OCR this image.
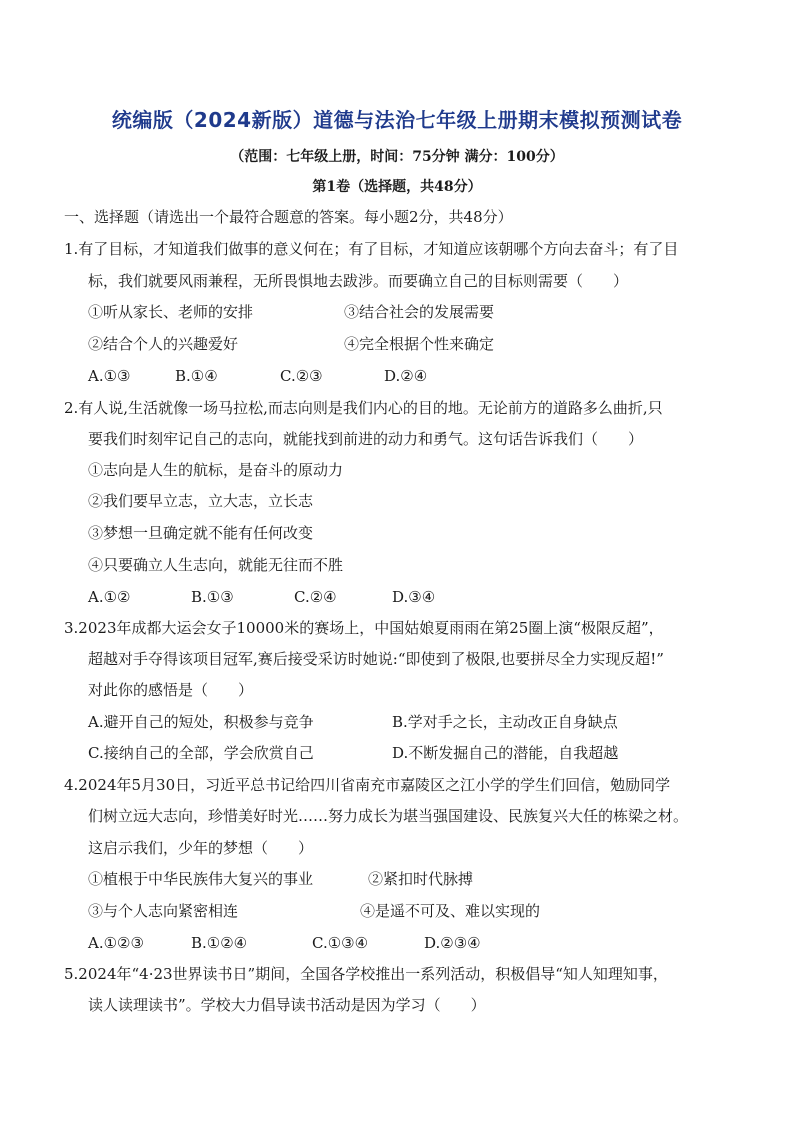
统编版（2024新版）道德与法治七年级上册期末模拟预测试卷
（范围：七年级上册，时间：75分钟 满分：100分）
第1卷（选择题，共48分）
一、选择题（请选出一个最符合题意的答案。每小题2分，共48分）
1.有了目标，才知道我们做事的意义何在；有了目标，才知道应该朝哪个方向去奋斗；有了目
标，我们就要风雨兼程，无所畏惧地去跋涉。而要确立自己的目标则需要（　　）
①听从家长、老师的安排	③结合社会的发展需要
②结合个人的兴趣爱好	④完全根据个性来确定
A.①③	B.①④	C.②③	D.②④
2.有人说,生活就像一场马拉松,而志向则是我们内心的目的地。无论前方的道路多么曲折,只
要我们时刻牢记自己的志向，就能找到前进的动力和勇气。这句话告诉我们（　　）
①志向是人生的航标，是奋斗的原动力
②我们要早立志，立大志，立长志
③梦想一旦确定就不能有任何改变
④只要确立人生志向，就能无往而不胜
A.①②	B.①③	C.②④	D.③④
3.2023年成都大运会女子10000米的赛场上，中国姑娘夏雨雨在第25圈上演“极限反超”，
超越对手夺得该项目冠军,赛后接受采访时她说:“即使到了极限,也要拼尽全力实现反超!”
对此你的感悟是（　　）
A.避开自己的短处，积极参与竞争	B.学对手之长，主动改正自身缺点
C.接纳自己的全部，学会欣赏自己	D.不断发掘自己的潜能，自我超越
4.2024年5月30日，习近平总书记给四川省南充市嘉陵区之江小学的学生们回信，勉励同学
们树立远大志向，珍惜美好时光……努力成长为堪当强国建设、民族复兴大任的栋梁之材。
这启示我们，少年的梦想（　　）
①植根于中华民族伟大复兴的事业	②紧扣时代脉搏
③与个人志向紧密相连	④是遥不可及、难以实现的
A.①②③	B.①②④	C.①③④	D.②③④
5.2024年“4·23世界读书日”期间，全国各学校推出一系列活动，积极倡导“知人知理知事，
读人读理读书”。学校大力倡导读书活动是因为学习（　　）
